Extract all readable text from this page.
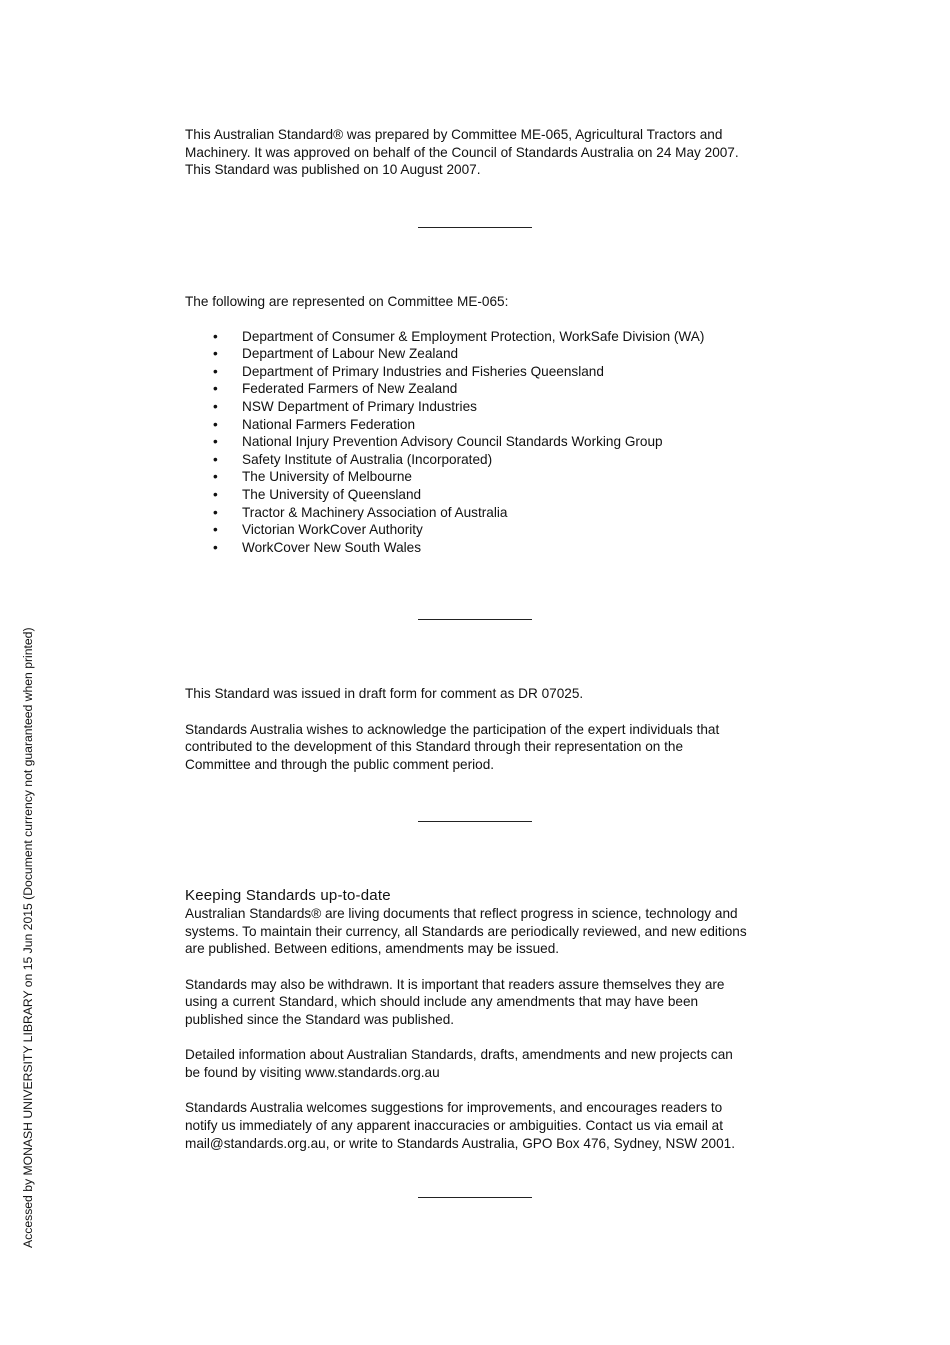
This Australian Standard® was prepared by Committee ME-065, Agricultural Tractors and

Machinery. It was approved on behalf of the Council of Standards Australia on 24 May 2007.

This Standard was published on 10 August 2007.

The following are represented on Committee ME-065:

• Department of Consumer & Employment Protection, WorkSafe Division (WA)
• Department of Labour New Zealand
• Department of Primary Industries and Fisheries Queensland
• Federated Farmers of New Zealand
• NSW Department of Primary Industries
• National Farmers Federation
• National Injury Prevention Advisory Council Standards Working Group
• Safety Institute of Australia (Incorporated)
• The University of Melbourne
• The University of Queensland
• Tractor & Machinery Association of Australia
• Victorian WorkCover Authority
• WorkCover New South Wales

This Standard was issued in draft form for comment as DR 07025.

Standards Australia wishes to acknowledge the participation of the expert individuals that

contributed to the development of this Standard through their representation on the

Committee and through the public comment period.

Keeping Standards up-to-date

Australian Standards® are living documents that reflect progress in science, technology and

systems. To maintain their currency, all Standards are periodically reviewed, and new editions

are published. Between editions, amendments may be issued.

Standards may also be withdrawn. It is important that readers assure themselves they are

using a current Standard, which should include any amendments that may have been

published since the Standard was published.

Detailed information about Australian Standards, drafts, amendments and new projects can

be found by visiting www.standards.org.au

Standards Australia welcomes suggestions for improvements, and encourages readers to

notify us immediately of any apparent inaccuracies or ambiguities. Contact us via email at

mail@standards.org.au, or write to Standards Australia, GPO Box 476, Sydney, NSW 2001.

Accessed by MONASH UNIVERSITY LIBRARY on 15 Jun 2015 (Document currency not guaranteed when printed)
